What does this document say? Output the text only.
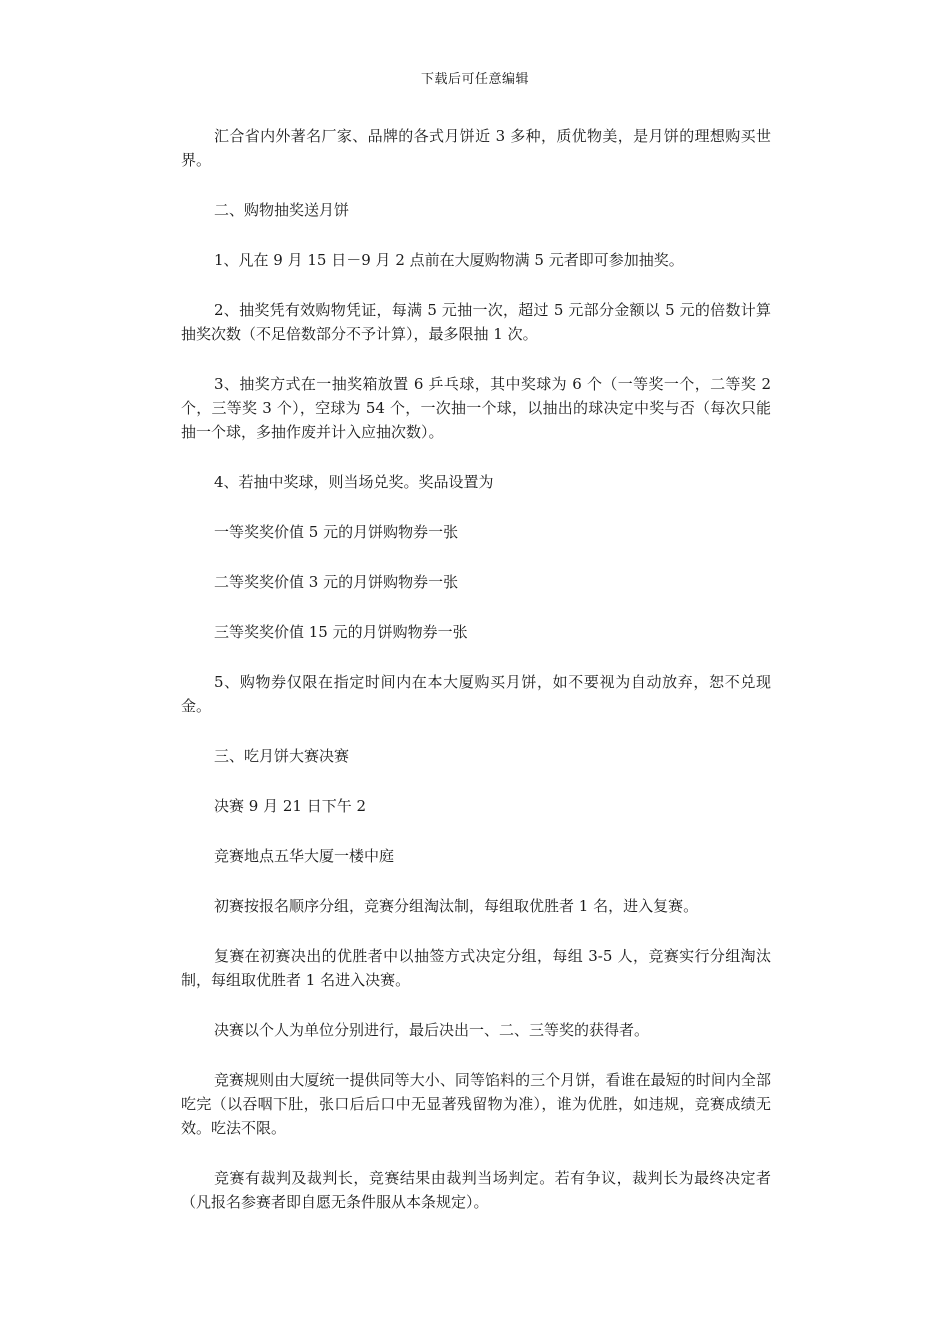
下载后可任意编辑

汇合省内外著名厂家、品牌的各式月饼近 3 多种，质优物美，是月饼的理想购买世界。

二、购物抽奖送月饼

1、凡在 9 月 15 日－9 月 2 点前在大厦购物满 5 元者即可参加抽奖。

2、抽奖凭有效购物凭证，每满 5 元抽一次，超过 5 元部分金额以 5 元的倍数计算抽奖次数（不足倍数部分不予计算），最多限抽 1 次。

3、抽奖方式在一抽奖箱放置 6 乒乓球，其中奖球为 6 个（一等奖一个，二等奖 2 个，三等奖 3 个），空球为 54 个，一次抽一个球，以抽出的球决定中奖与否（每次只能抽一个球，多抽作废并计入应抽次数）。

4、若抽中奖球，则当场兑奖。奖品设置为

一等奖奖价值 5 元的月饼购物券一张

二等奖奖价值 3 元的月饼购物券一张

三等奖奖价值 15 元的月饼购物券一张

5、购物券仅限在指定时间内在本大厦购买月饼，如不要视为自动放弃，恕不兑现金。

三、吃月饼大赛决赛

决赛 9 月 21 日下午 2

竞赛地点五华大厦一楼中庭

初赛按报名顺序分组，竞赛分组淘汰制，每组取优胜者 1 名，进入复赛。

复赛在初赛决出的优胜者中以抽签方式决定分组，每组 3-5 人，竞赛实行分组淘汰制，每组取优胜者 1 名进入决赛。

决赛以个人为单位分别进行，最后决出一、二、三等奖的获得者。

竞赛规则由大厦统一提供同等大小、同等馅料的三个月饼，看谁在最短的时间内全部吃完（以吞咽下肚，张口后后口中无显著残留物为准），谁为优胜，如违规，竞赛成绩无效。吃法不限。

竞赛有裁判及裁判长，竞赛结果由裁判当场判定。若有争议，裁判长为最终决定者（凡报名参赛者即自愿无条件服从本条规定）。
